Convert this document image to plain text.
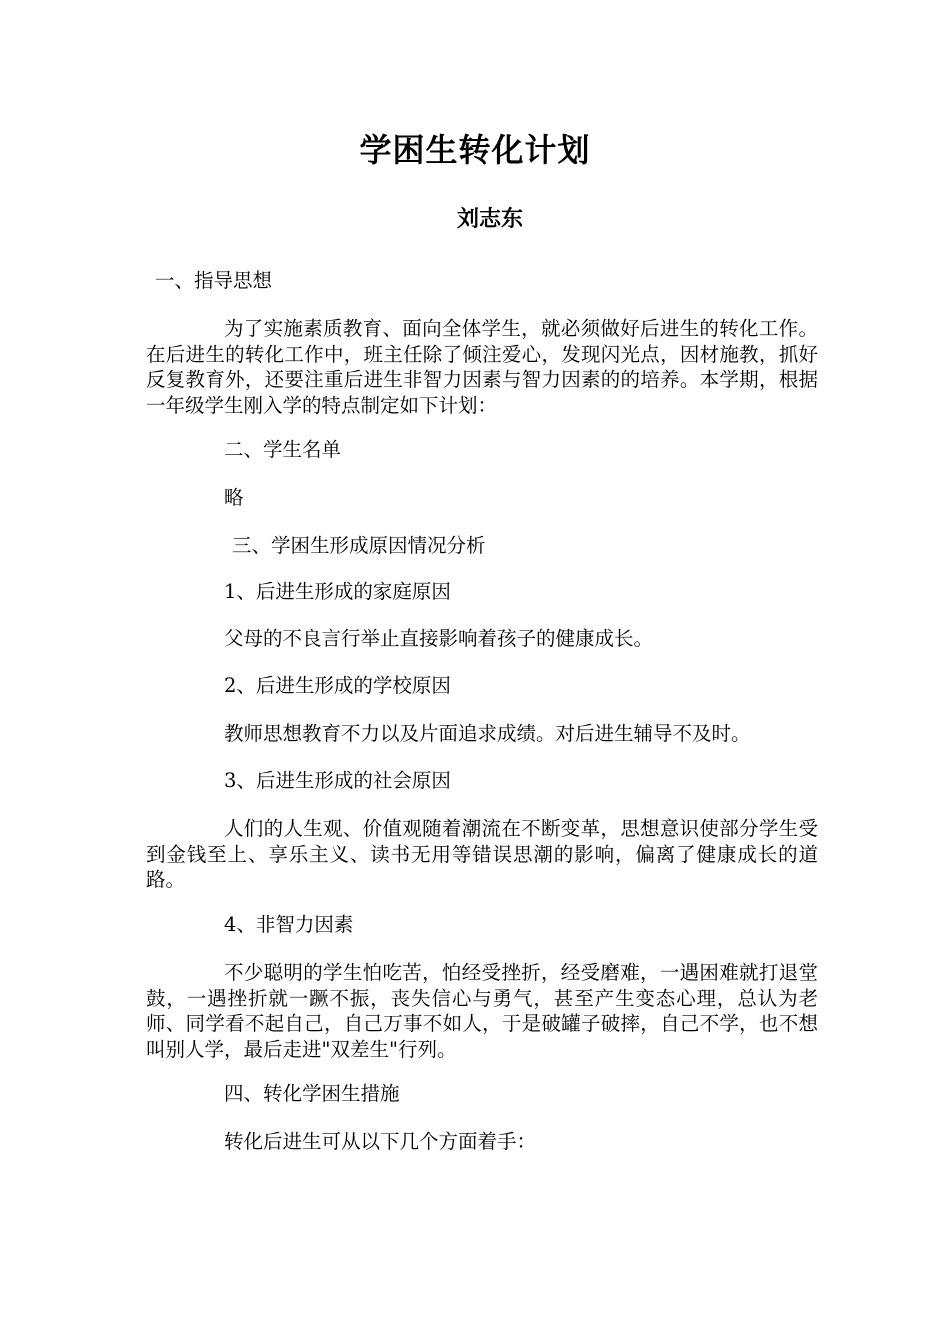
学困生转化计划
刘志东
一、指导思想
为了实施素质教育、面向全体学生，就必须做好后进生的转化工作。在后进生的转化工作中，班主任除了倾注爱心，发现闪光点，因材施教，抓好反复教育外，还要注重后进生非智力因素与智力因素的的培养。本学期，根据一年级学生刚入学的特点制定如下计划：
二、学生名单
略
三、学困生形成原因情况分析
1、后进生形成的家庭原因
父母的不良言行举止直接影响着孩子的健康成长。
2、后进生形成的学校原因
教师思想教育不力以及片面追求成绩。对后进生辅导不及时。
3、后进生形成的社会原因
人们的人生观、价值观随着潮流在不断变革，思想意识使部分学生受到金钱至上、享乐主义、读书无用等错误思潮的影响，偏离了健康成长的道路。
4、非智力因素
不少聪明的学生怕吃苦，怕经受挫折，经受磨难，一遇困难就打退堂鼓，一遇挫折就一蹶不振，丧失信心与勇气，甚至产生变态心理，总认为老师、同学看不起自己，自己万事不如人，于是破罐子破摔，自己不学，也不想叫别人学，最后走进"双差生"行列。
四、转化学困生措施
转化后进生可从以下几个方面着手：
